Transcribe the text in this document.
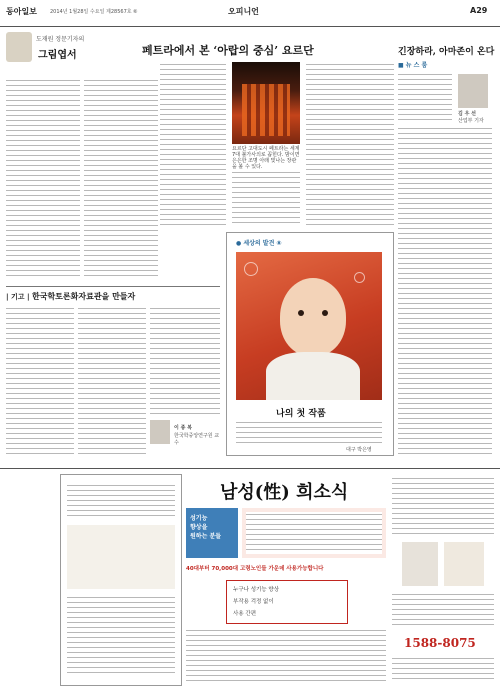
동아일보	2014년 1월28일 수요일 제28567호 ⑥	오피니언	A29
도재원 정문기자의
그림엽서	페트라에서 본 ‘아랍의 중심’ 요르단
요르단 고대도시 페트라는 세계 7대 불가사의로 꼽힌다. 밤이면 은은한 조명 아래 빛나는 장관을 볼 수 있다.
긴장하라, 아마존이 온다
■ 뉴 스 룸
김 우 선
산업부 기자
| 기고 | 한국학토론화자료관을 만들자
이 종 복
한국학중앙연구원 교수
● 세상의 발견 ⑧
나의 첫 작품
대구 박은영
남성(性) 희소식
성기능
향상을
원하는 분들
40대부터 70,000대 고령노인들 가운데 사용가능합니다
누구나 성기능 향상
부작용 걱정 없이
사용 간편
1588-8075
